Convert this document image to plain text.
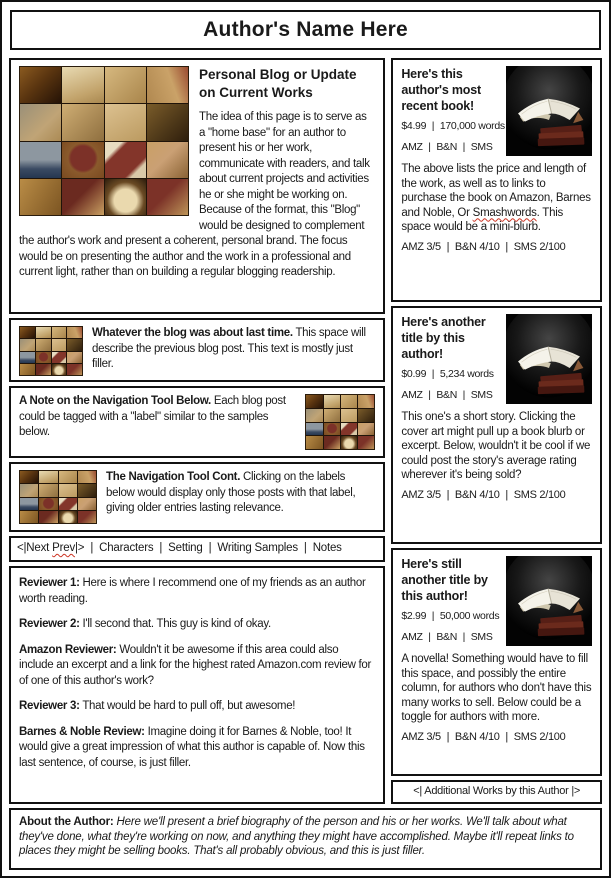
Author's Name Here
Personal Blog or Update on Current Works

The idea of this page is to serve as a "home base" for an author to present his or her work, communicate with readers, and talk about current projects and activities he or she might be working on. Because of the format, this "Blog" would be designed to complement the author's work and present a coherent, personal brand. The focus would be on presenting the author and the work in a professional and current light, rather than on building a regular blogging readership.

Whatever the blog was about last time. This space will describe the previous blog post. This text is mostly just filler.

A Note on the Navigation Tool Below. Each blog post could be tagged with a "label" similar to the samples below.

The Navigation Tool Cont. Clicking on the labels below would display only those posts with that label, giving older entries lasting relevance.

<|Next Prev|> | Characters | Setting | Writing Samples | Notes

Reviewer 1: Here is where I recommend one of my friends as an author worth reading.

Reviewer 2: I'll second that. This guy is kind of okay.

Amazon Reviewer: Wouldn't it be awesome if this area could also include an excerpt and a link for the highest rated Amazon.com review for of one of this author's work?

Reviewer 3: That would be hard to pull off, but awesome!

Barnes & Noble Review: Imagine doing it for Barnes & Noble, too! It would give a great impression of what this author is capable of. Now this last sentence, of course, is just filler.

Here's this author's most recent book!

$4.99 | 170,000 words

AMZ | B&N | SMS

The above lists the price and length of the work, as well as to links to purchase the book on Amazon, Barnes and Noble, Or Smashwords. This space would be a mini-blurb.

AMZ 3/5 | B&N 4/10 | SMS 2/100

Here's another title by this author!

$0.99 | 5,234 words

AMZ | B&N | SMS

This one's a short story. Clicking the cover art might pull up a book blurb or excerpt. Below, wouldn't it be cool if we could post the story's average rating wherever it's being sold?

AMZ 3/5 | B&N 4/10 | SMS 2/100

Here's still another title by this author!

$2.99 | 50,000 words

AMZ | B&N | SMS

A novella! Something would have to fill this space, and possibly the entire column, for authors who don't have this many works to sell. Below could be a toggle for authors with more.

AMZ 3/5 | B&N 4/10 | SMS 2/100

<| Additional Works by this Author |>
About the Author: Here we'll present a brief biography of the person and his or her works. We'll talk about what they've done, what they're working on now, and anything they might have accomplished. Maybe it'll repeat links to places they might be selling books. That's all probably obvious, and this is just filler.
